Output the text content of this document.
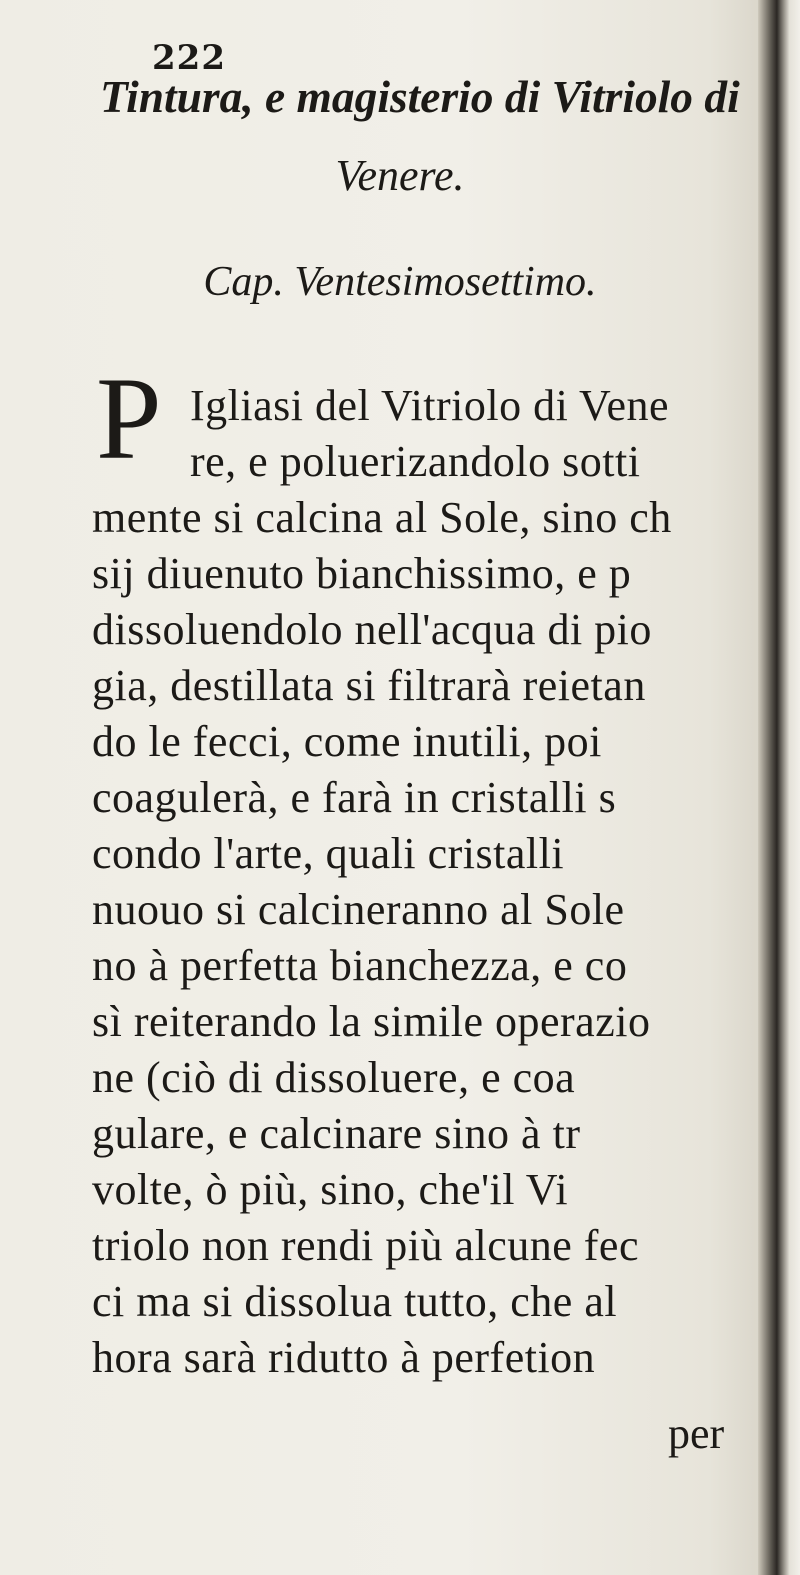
222
Tintura, e magisterio di Vitriolo di
Venere.
Cap. Ventesimosettimo.
P Igliasi del Vitriolo di Vene
re, e poluerizandolo sotti
mente si calcina al Sole, sino ch
sij diuenuto bianchissimo, e p
dissoluendolo nell'acqua di pio
gia, destillata si filtrarà reietan
do le fecci, come inutili, poi
coagulerà, e farà in cristalli s
condo l'arte, quali cristalli
nuouo si calcineranno al Sole
no à perfetta bianchezza, e co
sì reiterando la simile operazio
ne (ciò di dissoluere, e coa
gulare, e calcinare sino à tr
volte, ò più, sino, che'il Vi
triolo non rendi più alcune fec
ci ma si dissolua tutto, che al
hora sarà ridutto à perfetion
per
